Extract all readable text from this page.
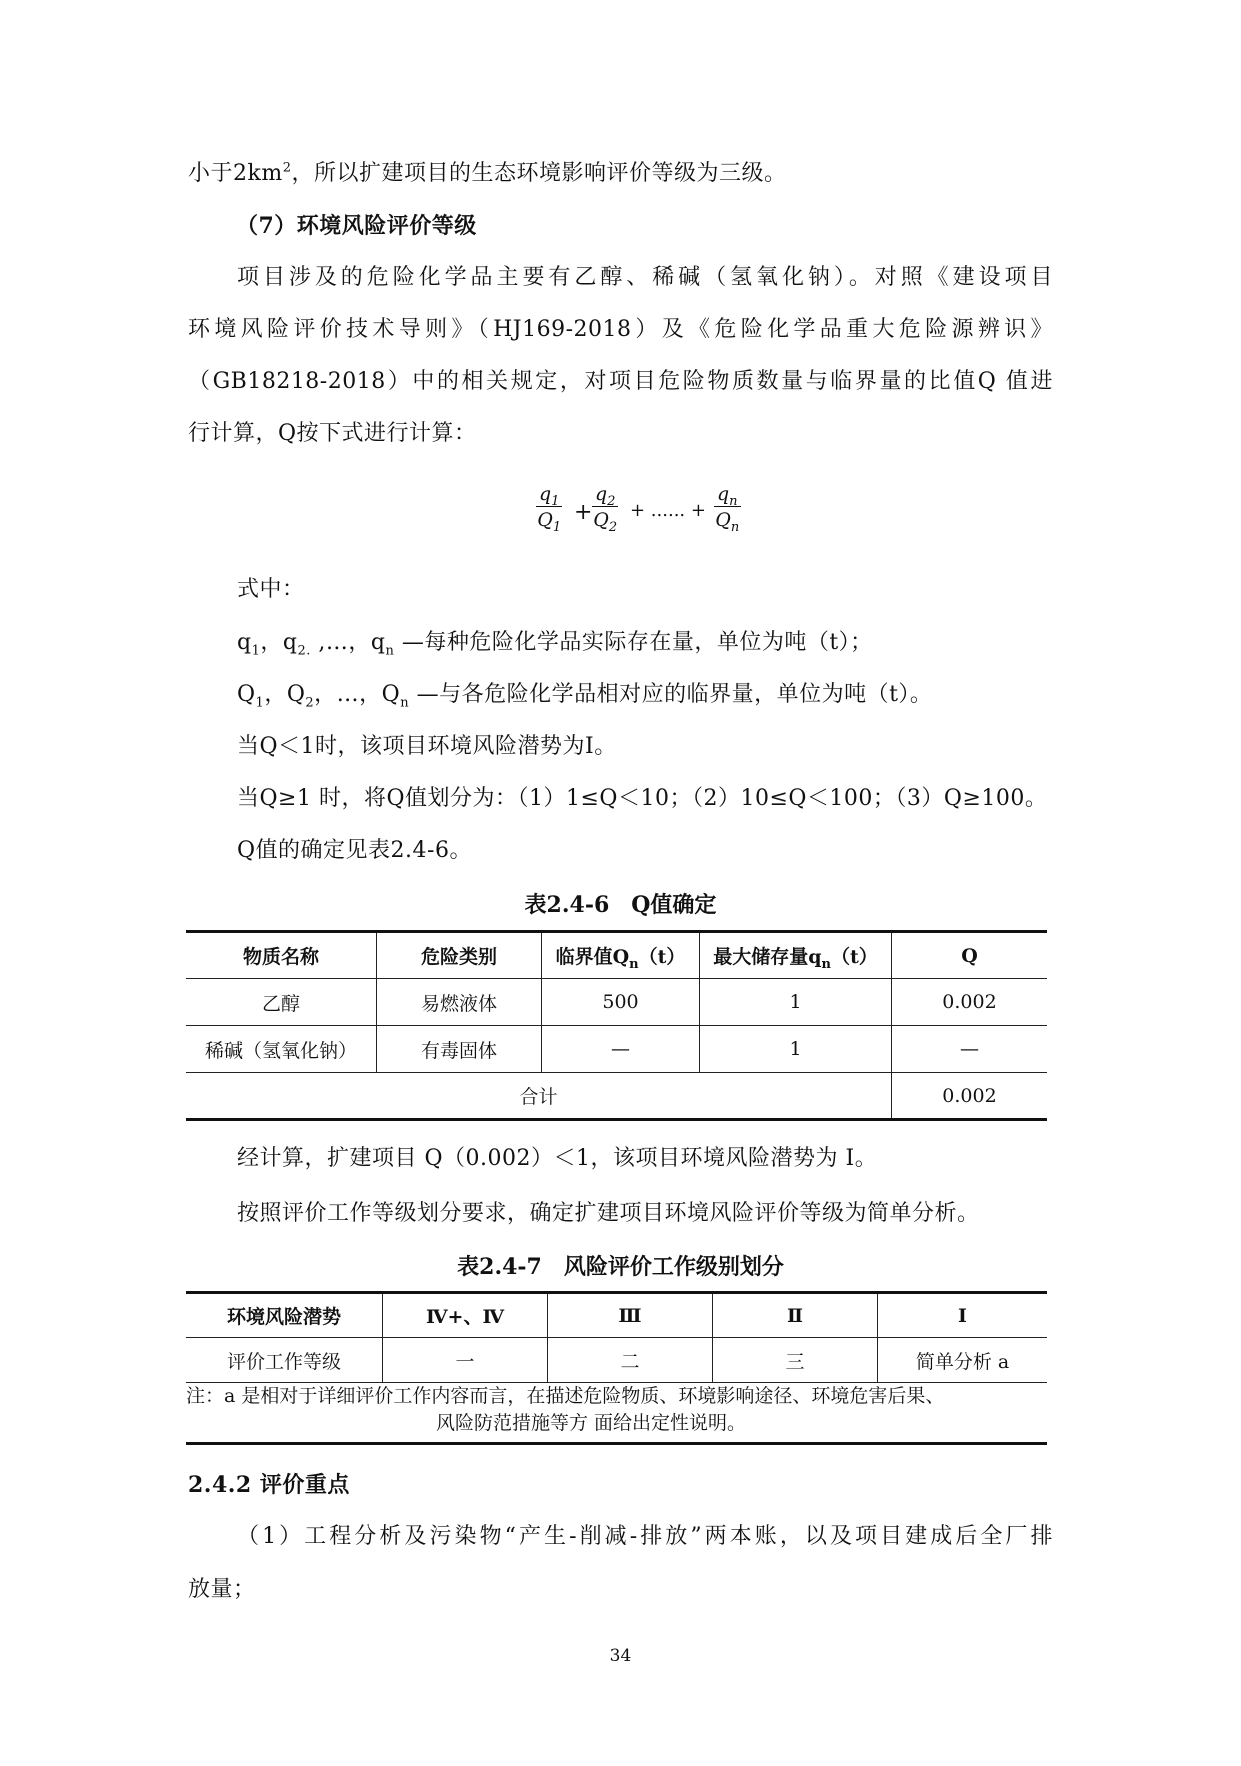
小于$2km^2$，所以扩建项目的生态环境影响评价等级为三级。
（7）环境风险评价等级
项目涉及的危险化学品主要有乙醇、稀碱（氢氧化钠）。对照《建设项目
环境风险评价技术导则》（HJ169-2018）及《危险化学品重大危险源辨识》
（GB18218-2018）中的相关规定，对项目危险物质数量与临界量的比值Q 值进
行计算，Q按下式进行计算：
$\frac{q_1}{Q_1} + \frac{q_2}{Q_2}$ + ...... + $\frac{q_n}{Q_n}$
式中：
$q_1$，$q_{2.}$ ,…，$q_n$ —每种危险化学品实际存在量，单位为吨（t）；
$Q_1$，$Q_2$，…，$Q_n$ —与各危险化学品相对应的临界量，单位为吨（t）。
当Q＜1时，该项目环境风险潜势为I。
当Q≥1 时，将Q值划分为：（1）1≤Q＜10；（2）10≤Q＜100；（3）Q≥100。
Q值的确定见表2.4-6。
表2.4-6　Q值确定
物质名称	危险类别	临界值$Q_n(t)$	最大储存量$q_n(t)$	Q
乙醇	易燃液体	500	1	0.002
稀碱（氢氧化钠）	有毒固体	—	1	—
合计				0.002
经计算，扩建项目 Q（0.002）＜1，该项目环境风险潜势为 I。
按照评价工作等级划分要求，确定扩建项目环境风险评价等级为简单分析。
表2.4-7　风险评价工作级别划分
环境风险潜势	Ⅳ+、Ⅳ	Ⅲ	Ⅱ	Ⅰ
评价工作等级	一	二	三	简单分析 a
注：a 是相对于详细评价工作内容而言，在描述危险物质、环境影响途径、环境危害后果、
风险防范措施等方 面给出定性说明。
2.4.2 评价重点
（1）工程分析及污染物“产生-削减-排放”两本账，以及项目建成后全厂排
放量；
34
